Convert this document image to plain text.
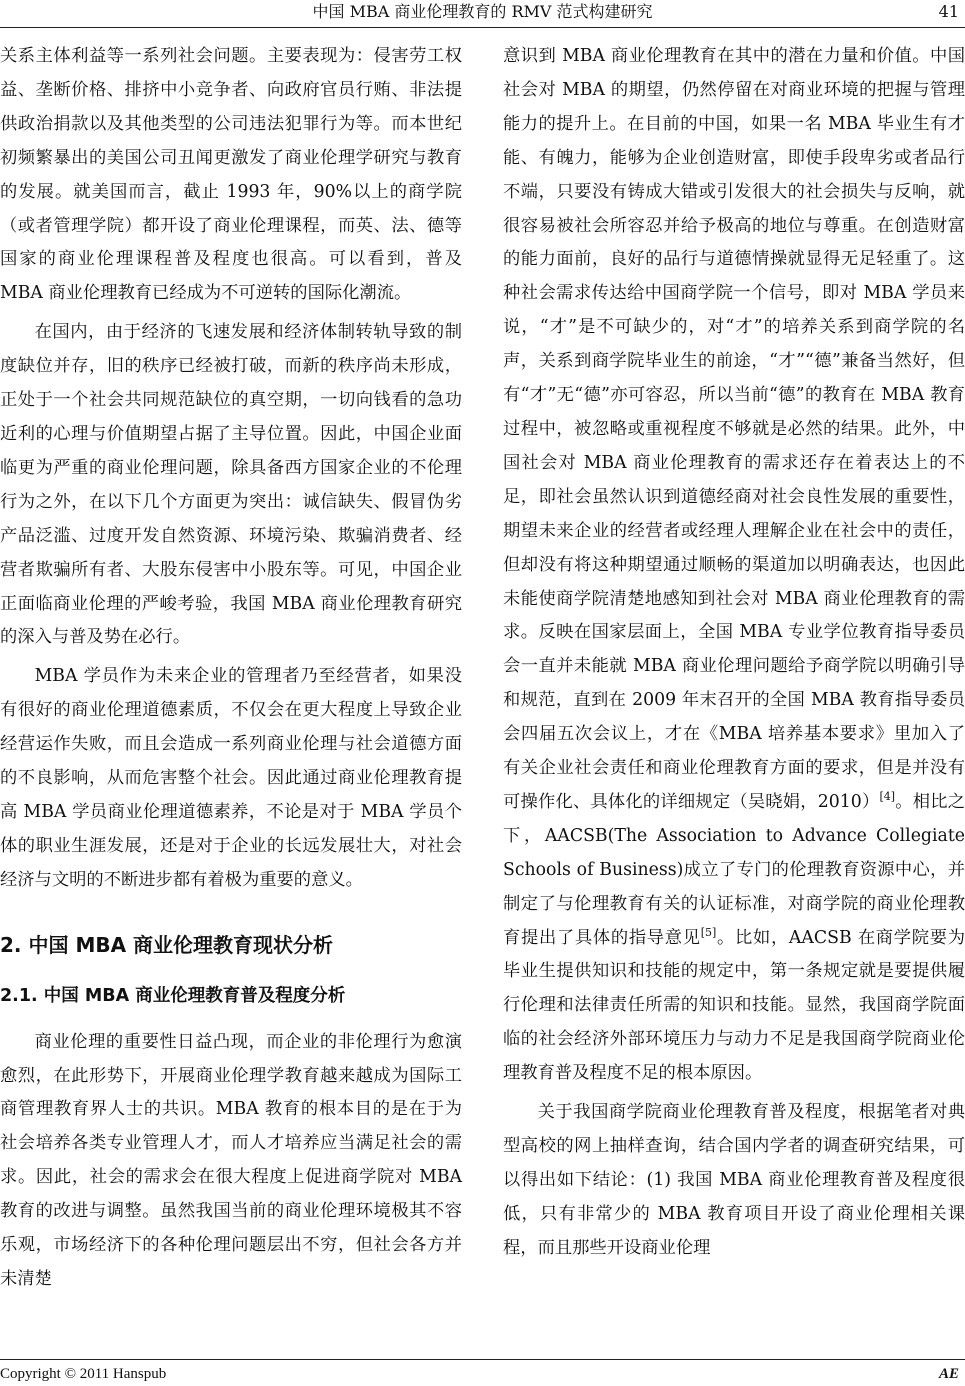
中国 MBA 商业伦理教育的 RMV 范式构建研究	41

关系主体利益等一系列社会问题。主要表现为：侵害劳工权益、垄断价格、排挤中小竞争者、向政府官员行贿、非法提供政治捐款以及其他类型的公司违法犯罪行为等。而本世纪初频繁暴出的美国公司丑闻更激发了商业伦理学研究与教育的发展。就美国而言，截止 1993 年，90%以上的商学院（或者管理学院）都开设了商业伦理课程，而英、法、德等国家的商业伦理课程普及程度也很高。可以看到，普及 MBA 商业伦理教育已经成为不可逆转的国际化潮流。

在国内，由于经济的飞速发展和经济体制转轨导致的制度缺位并存，旧的秩序已经被打破，而新的秩序尚未形成，正处于一个社会共同规范缺位的真空期，一切向钱看的急功近利的心理与价值期望占据了主导位置。因此，中国企业面临更为严重的商业伦理问题，除具备西方国家企业的不伦理行为之外，在以下几个方面更为突出：诚信缺失、假冒伪劣产品泛滥、过度开发自然资源、环境污染、欺骗消费者、经营者欺骗所有者、大股东侵害中小股东等。可见，中国企业正面临商业伦理的严峻考验，我国 MBA 商业伦理教育研究的深入与普及势在必行。

MBA 学员作为未来企业的管理者乃至经营者，如果没有很好的商业伦理道德素质，不仅会在更大程度上导致企业经营运作失败，而且会造成一系列商业伦理与社会道德方面的不良影响，从而危害整个社会。因此通过商业伦理教育提高 MBA 学员商业伦理道德素养，不论是对于 MBA 学员个体的职业生涯发展，还是对于企业的长远发展壮大，对社会经济与文明的不断进步都有着极为重要的意义。

2. 中国 MBA 商业伦理教育现状分析
2.1. 中国 MBA 商业伦理教育普及程度分析

商业伦理的重要性日益凸现，而企业的非伦理行为愈演愈烈，在此形势下，开展商业伦理学教育越来越成为国际工商管理教育界人士的共识。MBA 教育的根本目的是在于为社会培养各类专业管理人才，而人才培养应当满足社会的需求。因此，社会的需求会在很大程度上促进商学院对 MBA 教育的改进与调整。虽然我国当前的商业伦理环境极其不容乐观，市场经济下的各种伦理问题层出不穷，但社会各方并未清楚

意识到 MBA 商业伦理教育在其中的潜在力量和价值。中国社会对 MBA 的期望，仍然停留在对商业环境的把握与管理能力的提升上。在目前的中国，如果一名 MBA 毕业生有才能、有魄力，能够为企业创造财富，即使手段卑劣或者品行不端，只要没有铸成大错或引发很大的社会损失与反响，就很容易被社会所容忍并给予极高的地位与尊重。在创造财富的能力面前，良好的品行与道德情操就显得无足轻重了。这种社会需求传达给中国商学院一个信号，即对 MBA 学员来说，“才”是不可缺少的，对“才”的培养关系到商学院的名声，关系到商学院毕业生的前途，“才”“德”兼备当然好，但有“才”无“德”亦可容忍，所以当前“德”的教育在 MBA 教育过程中，被忽略或重视程度不够就是必然的结果。此外，中国社会对 MBA 商业伦理教育的需求还存在着表达上的不足，即社会虽然认识到道德经商对社会良性发展的重要性，期望未来企业的经营者或经理人理解企业在社会中的责任，但却没有将这种期望通过顺畅的渠道加以明确表达，也因此未能使商学院清楚地感知到社会对 MBA 商业伦理教育的需求。反映在国家层面上，全国 MBA 专业学位教育指导委员会一直并未能就 MBA 商业伦理问题给予商学院以明确引导和规范，直到在 2009 年末召开的全国 MBA 教育指导委员会四届五次会议上，才在《MBA 培养基本要求》里加入了有关企业社会责任和商业伦理教育方面的要求，但是并没有可操作化、具体化的详细规定（吴晓娟，2010）[4]。相比之下，AACSB(The Association to Advance Collegiate Schools of Business)成立了专门的伦理教育资源中心，并制定了与伦理教育有关的认证标准，对商学院的商业伦理教育提出了具体的指导意见[5]。比如，AACSB 在商学院要为毕业生提供知识和技能的规定中，第一条规定就是要提供履行伦理和法律责任所需的知识和技能。显然，我国商学院面临的社会经济外部环境压力与动力不足是我国商学院商业伦理教育普及程度不足的根本原因。

关于我国商学院商业伦理教育普及程度，根据笔者对典型高校的网上抽样查询，结合国内学者的调查研究结果，可以得出如下结论：(1) 我国 MBA 商业伦理教育普及程度很低，只有非常少的 MBA 教育项目开设了商业伦理相关课程，而且那些开设商业伦理

Copyright © 2011 Hanspub	AE
